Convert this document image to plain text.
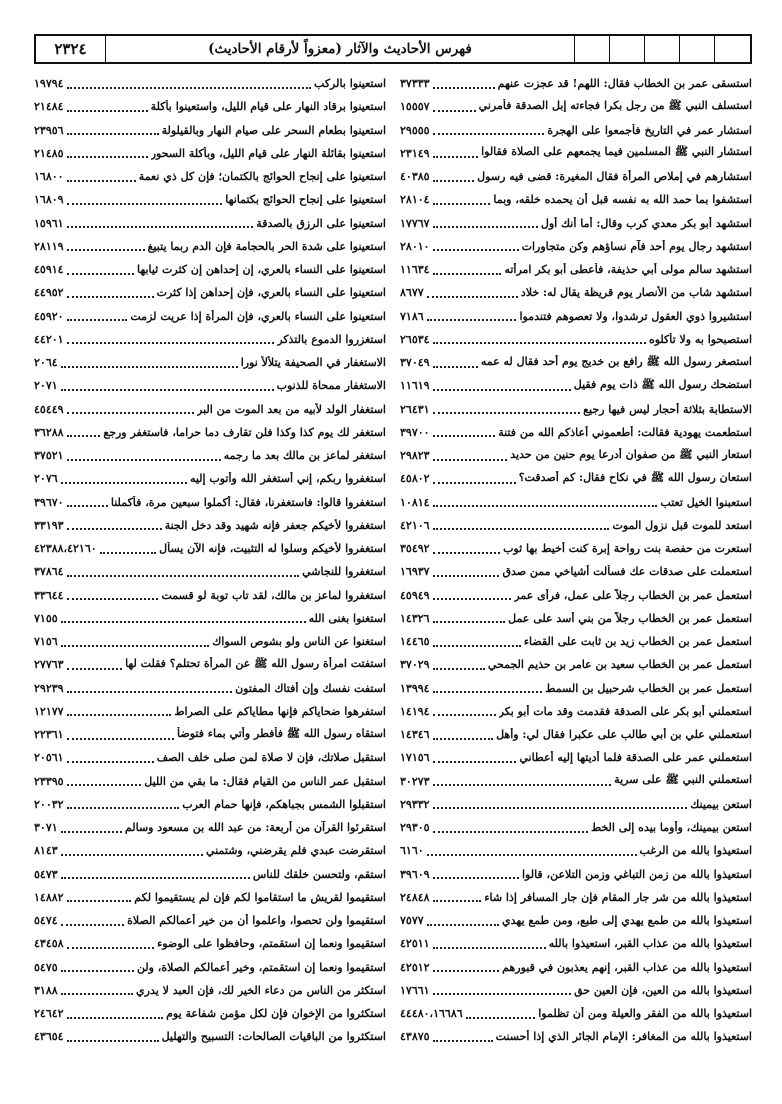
٢٣٢٤	فهرس الأحاديث والآثار (معزواً لأرقام الأحاديث)
استعينوا بالركب
١٩٧٩٤
استعينوا برقاد النهار على قيام الليل، واستعينوا بأكلة
٢١٤٨٤
استعينوا بطعام السحر على صيام النهار وبالقيلولة
٢٣٩٥٦
استعينوا بقائلة النهار على قيام الليل، وبأكلة السحور
٢١٤٨٥
استعينوا على إنجاح الحوائج بالكتمان؛ فإن كل ذي نعمة
١٦٨٠٠
استعينوا على إنجاح الحوائج بكتمانها
١٦٨٠٩
استعينوا على الرزق بالصدقة
١٥٩٦١
استعينوا على شدة الحر بالحجامة فإن الدم ربما يتبيغ
٢٨١١٩
استعينوا على النساء بالعري، إن إحداهن إن كثرت ثيابها
٤٥٩١٤
استعينوا على النساء بالعري، فإن إحداهن إذا كثرت
٤٤٩٥٢
استعينوا على النساء بالعري، فإن المرأة إذا عريت لزمت
٤٥٩٢٠
استغزروا الدموع بالتذكر
٤٤٢٠١
الاستغفار في الصحيفة يتلألأ نورا
٢٠٦٤
الاستغفار ممحاة للذنوب
٢٠٧١
استغفار الولد لأبيه من بعد الموت من البر
٤٥٤٤٩
استغفر لك يوم كذا وكذا فلن تقارف دما حراما، فاستغفر ورجع
٣٦٢٨٨
استغفر لماعز بن مالك بعد ما رجمه
٣٧٥٢١
استغفروا ربكم، إني أستغفر الله وأتوب إليه
٢٠٧٦
استغفروا قالوا: فاستغفرنا، فقال: أكملوا سبعين مرة، فأكملنا
٣٩٦٧٠
استغفروا لأخيكم جعفر فإنه شهيد وقد دخل الجنة
٣٣١٩٣
استغفروا لأخيكم وسلوا له التثبيت، فإنه الآن يسأل
٤٢٣٨٨،٤٢١٦٠
استغفروا للنجاشي
٣٧٨٦٤
استغفروا لماعز بن مالك، لقد تاب توبة لو قسمت
٣٣٦٤٤
استغنوا بغنى الله
٧١٥٥
استغنوا عن الناس ولو بشوص السواك
٧١٥٦
استفتت امرأة رسول الله ﷺ عن المرأة تحتلم؟ فقلت لها
٢٧٧٦٣
استفت نفسك وإن أفتاك المفتون
٢٩٢٣٩
استفرهوا ضحاياكم فإنها مطاياكم على الصراط
١٢١٧٧
استقاه رسول الله ﷺ فأفطر وأتي بماء فتوضأ
٢٢٣٦١
استقبل صلاتك، فإن لا صلاة لمن صلى خلف الصف
٢٠٥٦١
استقبل عمر الناس من القيام فقال: ما بقي من الليل
٢٣٣٩٥
استقبلوا الشمس بجباهكم، فإنها حمام العرب
٢٠٠٣٢
استقرئوا القرآن من أربعة: من عبد الله بن مسعود وسالم
٣٠٧١
استقرضت عبدي فلم يقرضني، وشتمني
٨١٤٣
استقم، ولتحسن خلقك للناس
٥٤٧٣
استقيموا لقريش ما استقاموا لكم فإن لم يستقيموا لكم
١٤٨٨٢
استقيموا ولن تحصوا، واعلموا أن من خير أعمالكم الصلاة
٥٤٧٤
استقيموا ونعما إن استقمتم، وحافظوا على الوضوء
٤٣٤٥٨
استقيموا ونعما إن استقمتم، وخير أعمالكم الصلاة، ولن
٥٤٧٥
استكثر من الناس من دعاء الخير لك، فإن العبد لا يدري
٣١٨٨
استكثروا من الإخوان فإن لكل مؤمن شفاعة يوم
٢٤٦٤٢
استكثروا من الباقيات الصالحات: التسبيح والتهليل
٤٣٦٥٤
استسقى عمر بن الخطاب فقال: اللهم! قد عجزت عنهم
٣٧٣٣٣
استسلف النبي ﷺ من رجل بكرا فجاءته إبل الصدقة فأمرني
١٥٥٥٧
استشار عمر في التاريخ فأجمعوا على الهجرة
٢٩٥٥٥
استشار النبي ﷺ المسلمين فيما يجمعهم على الصلاة فقالوا
٢٣١٤٩
استشارهم في إملاص المرأة فقال المغيرة: قضى فيه رسول
٤٠٣٨٥
استشفوا بما حمد الله به نفسه قبل أن يحمده خلقه، وبما
٢٨١٠٤
استشهد أبو بكر معدي كرب وقال: أما أنك أول
١٧٧٦٧
استشهد رجال يوم أحد فآم نساؤهم وكن متجاورات
٢٨٠١٠
استشهد سالم مولى أبي حذيفة، فأعطى أبو بكر امرأته
١١٦٣٤
استشهد شاب من الأنصار يوم قريظة يقال له: خلاد
٨٦٧٧
استشيروا ذوي العقول ترشدوا، ولا تعصوهم فتندموا
٧١٨٦
استصبحوا به ولا تأكلوه
٢٦٥٣٤
استصغر رسول الله ﷺ رافع بن خديج يوم أحد فقال له عمه
٣٧٠٤٩
استضحك رسول الله ﷺ ذات يوم فقيل
١١٦١٩
الاستطابة بثلاثة أحجار ليس فيها رجيع
٢٦٤٣١
استطعمت يهودية فقالت: أطعموني أعاذكم الله من فتنة
٣٩٧٠٠
استعار النبي ﷺ من صفوان أدرعا يوم حنين من حديد
٢٩٨٢٣
استعان رسول الله ﷺ في نكاح فقال: كم أصدقت؟
٤٥٨٠٢
استعبنوا الخيل تعتب
١٠٨١٤
استعد للموت قبل نزول الموت
٤٢١٠٦
استعرت من حفصة بنت رواحة إبرة كنت أخيط بها ثوب
٣٥٤٩٢
استعملت على صدقات عك فسألت أشياخي ممن صدق
١٦٩٣٧
استعمل عمر بن الخطاب رجلاً على عمل، فرأى عمر
٤٥٩٤٩
استعمل عمر بن الخطاب رجلاً من بني أسد على عمل
١٤٣٢٦
استعمل عمر بن الخطاب زيد بن ثابت على القضاء
١٤٤٦٥
استعمل عمر بن الخطاب سعيد بن عامر بن حذيم الجمحي
٣٧٠٢٩
استعمل عمر بن الخطاب شرحبيل بن السمط
١٣٩٩٤
استعملني أبو بكر على الصدقة فقدمت وقد مات أبو بكر
١٤١٩٤
استعملني علي بن أبي طالب على عكبرا فقال لي: وأهل
١٤٣٤٦
استعملني عمر على الصدقة فلما أديتها إليه أعطاني
١٧١٥٦
استعملني النبي ﷺ على سرية
٣٠٢٧٣
استعن بيمينك
٢٩٣٣٢
استعن بيمينك، وأوما بيده إلى الخط
٢٩٣٠٥
استعيذوا بالله من الرغب
٦١٦٠
استعيذوا بالله من زمن التباغي وزمن التلاعن، قالوا
٣٩٦٠٩
استعيذوا بالله من شر جار المقام فإن جار المسافر إذا شاء
٢٤٨٤٨
استعيذوا بالله من طمع يهدي إلى طبع، ومن طمع يهدي
٧٥٧٧
استعيذوا بالله من عذاب القبر، استعيذوا بالله
٤٢٥١١
استعيذوا بالله من عذاب القبر، إنهم يعذبون في قبورهم
٤٢٥١٢
استعيذوا بالله من العين، فإن العين حق
١٧٦٦١
استعيذوا بالله من الفقر والعيلة ومن أن تظلموا
٤٤٤٨٠،١٦٦٨٦
استعيذوا بالله من المغافر: الإمام الجائر الذي إذا أحسنت
٤٣٨٧٥
